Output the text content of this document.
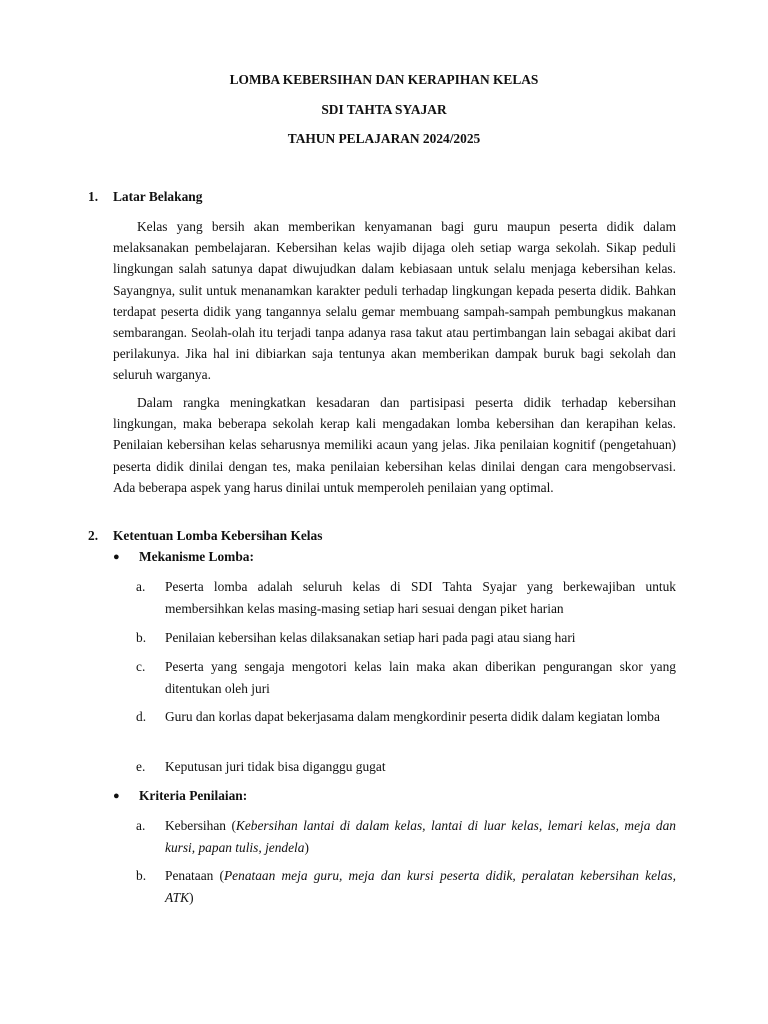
LOMBA KEBERSIHAN DAN KERAPIHAN KELAS
SDI TAHTA SYAJAR
TAHUN PELAJARAN 2024/2025
1. Latar Belakang

Kelas yang bersih akan memberikan kenyamanan bagi guru maupun peserta didik dalam melaksanakan pembelajaran. Kebersihan kelas wajib dijaga oleh setiap warga sekolah. Sikap peduli lingkungan salah satunya dapat diwujudkan dalam kebiasaan untuk selalu menjaga kebersihan kelas. Sayangnya, sulit untuk menanamkan karakter peduli terhadap lingkungan kepada peserta didik. Bahkan terdapat peserta didik yang tangannya selalu gemar membuang sampah-sampah pembungkus makanan sembarangan. Seolah-olah itu terjadi tanpa adanya rasa takut atau pertimbangan lain sebagai akibat dari perilakunya. Jika hal ini dibiarkan saja tentunya akan memberikan dampak buruk bagi sekolah dan seluruh warganya.

Dalam rangka meningkatkan kesadaran dan partisipasi peserta didik terhadap kebersihan lingkungan, maka beberapa sekolah kerap kali mengadakan lomba kebersihan dan kerapihan kelas. Penilaian kebersihan kelas seharusnya memiliki acaun yang jelas. Jika penilaian kognitif (pengetahuan) peserta didik dinilai dengan tes, maka penilaian kebersihan kelas dinilai dengan cara mengobservasi. Ada beberapa aspek yang harus dinilai untuk memperoleh penilaian yang optimal.

2. Ketentuan Lomba Kebersihan Kelas
● Mekanisme Lomba:
a. Peserta lomba adalah seluruh kelas di SDI Tahta Syajar yang berkewajiban untuk membersihkan kelas masing-masing setiap hari sesuai dengan piket harian
b. Penilaian kebersihan kelas dilaksanakan setiap hari pada pagi atau siang hari
c. Peserta yang sengaja mengotori kelas lain maka akan diberikan pengurangan skor yang ditentukan oleh juri
d. Guru dan korlas dapat bekerjasama dalam mengkordinir peserta didik dalam kegiatan lomba
e. Keputusan juri tidak bisa diganggu gugat
● Kriteria Penilaian:
a. Kebersihan (Kebersihan lantai di dalam kelas, lantai di luar kelas, lemari kelas, meja dan kursi, papan tulis, jendela)
b. Penataan (Penataan meja guru, meja dan kursi peserta didik, peralatan kebersihan kelas, ATK)
